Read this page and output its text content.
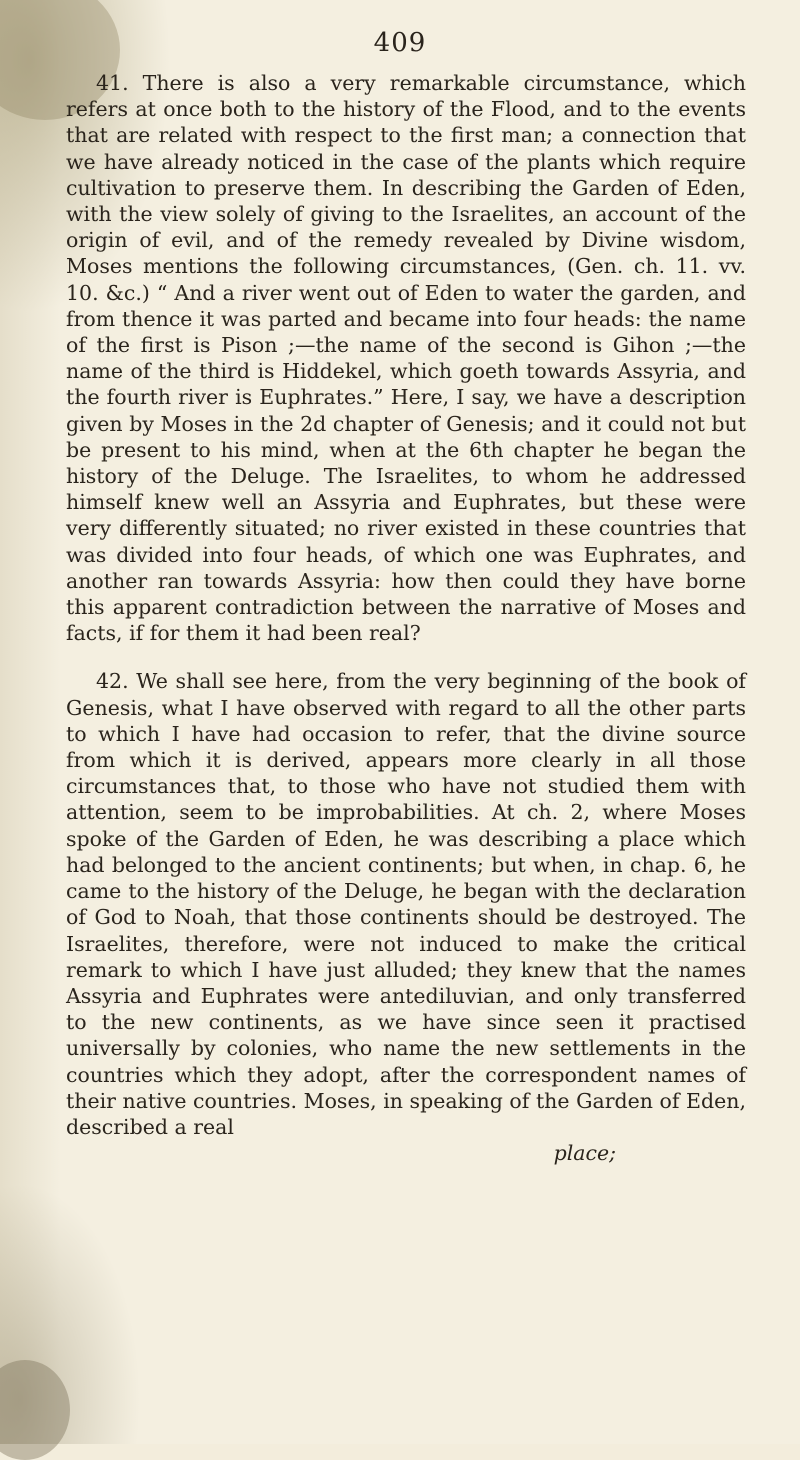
409

41. There is also a very remarkable circumstance, which refers at once both to the history of the Flood, and to the events that are related with respect to the first man; a connection that we have already noticed in the case of the plants which require cultivation to preserve them. In describing the Garden of Eden, with the view solely of giving to the Israelites, an account of the origin of evil, and of the remedy revealed by Divine wisdom, Moses mentions the following circumstances, (Gen. ch. 11. vv. 10. &c.) “ And a river went out of Eden to water the garden, and from thence it was parted and became into four heads: the name of the first is Pison ;—the name of the second is Gihon ;—the name of the third is Hiddekel, which goeth towards Assyria, and the fourth river is Euphrates.” Here, I say, we have a description given by Moses in the 2d chapter of Genesis; and it could not but be present to his mind, when at the 6th chapter he began the history of the Deluge. The Israelites, to whom he addressed himself knew well an Assyria and Euphrates, but these were very differently situated; no river existed in these countries that was divided into four heads, of which one was Euphrates, and another ran towards Assyria: how then could they have borne this apparent contradiction between the narrative of Moses and facts, if for them it had been real?

42. We shall see here, from the very beginning of the book of Genesis, what I have observed with regard to all the other parts to which I have had occasion to refer, that the divine source from which it is derived, appears more clearly in all those circumstances that, to those who have not studied them with attention, seem to be improbabilities. At ch. 2, where Moses spoke of the Garden of Eden, he was describing a place which had belonged to the ancient continents; but when, in chap. 6, he came to the history of the Deluge, he began with the declaration of God to Noah, that those continents should be destroyed. The Israelites, therefore, were not induced to make the critical remark to which I have just alluded; they knew that the names Assyria and Euphrates were antediluvian, and only transferred to the new continents, as we have since seen it practised universally by colonies, who name the new settlements in the countries which they adopt, after the correspondent names of their native countries. Moses, in speaking of the Garden of Eden, described a real

place;
